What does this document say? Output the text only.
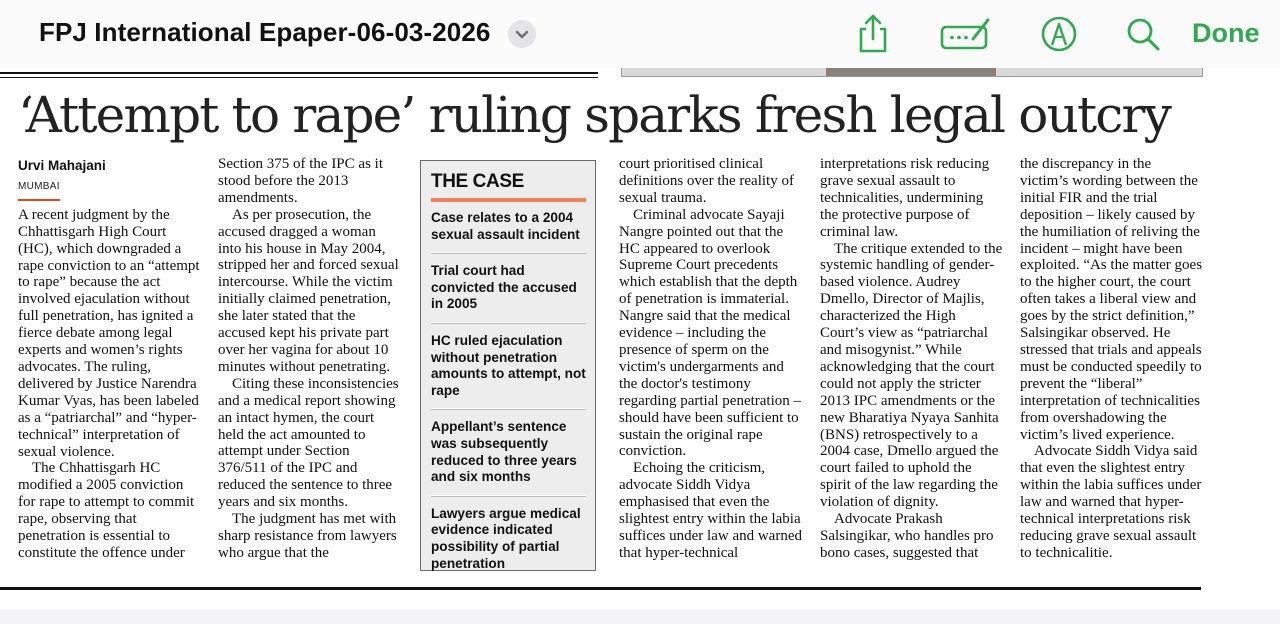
FPJ International Epaper-06-03-2026	Done
‘Attempt to rape’ ruling sparks fresh legal outcry
Urvi Mahajani
MUMBAI

A recent judgment by the Chhattisgarh High Court (HC), which downgraded a rape conviction to an “attempt to rape” because the act involved ejaculation without full penetration, has ignited a fierce debate among legal experts and women’s rights advocates. The ruling, delivered by Justice Narendra Kumar Vyas, has been labeled as a “patriarchal” and “hyper-technical” interpretation of sexual violence.

The Chhattisgarh HC modified a 2005 conviction for rape to attempt to commit rape, observing that penetration is essential to constitute the offence under

Section 375 of the IPC as it stood before the 2013 amendments.

As per prosecution, the accused dragged a woman into his house in May 2004, stripped her and forced sexual intercourse. While the victim initially claimed penetration, she later stated that the accused kept his private part over her vagina for about 10 minutes without penetrating.

Citing these inconsistencies and a medical report showing an intact hymen, the court held the act amounted to attempt under Section 376/511 of the IPC and reduced the sentence to three years and six months.

The judgment has met with sharp resistance from lawyers who argue that the

THE CASE
Case relates to a 2004 sexual assault incident
Trial court had convicted the accused in 2005
HC ruled ejaculation without penetration amounts to attempt, not rape
Appellant’s sentence was subsequently reduced to three years and six months
Lawyers argue medical evidence indicated possibility of partial penetration

court prioritised clinical definitions over the reality of sexual trauma.

Criminal advocate Sayaji Nangre pointed out that the HC appeared to overlook Supreme Court precedents which establish that the depth of penetration is immaterial. Nangre said that the medical evidence – including the presence of sperm on the victim's undergarments and the doctor's testimony regarding partial penetration – should have been sufficient to sustain the original rape conviction.

Echoing the criticism, advocate Siddh Vidya emphasised that even the slightest entry within the labia suffices under law and warned that hyper-technical

interpretations risk reducing grave sexual assault to technicalities, undermining the protective purpose of criminal law.

The critique extended to the systemic handling of gender-based violence. Audrey Dmello, Director of Majlis, characterized the High Court’s view as “patriarchal and misogynist.” While acknowledging that the court could not apply the stricter 2013 IPC amendments or the new Bharatiya Nyaya Sanhita (BNS) retrospectively to a 2004 case, Dmello argued the court failed to uphold the spirit of the law regarding the violation of dignity.

Advocate Prakash Salsingikar, who handles pro bono cases, suggested that

the discrepancy in the victim’s wording between the initial FIR and the trial deposition – likely caused by the humiliation of reliving the incident – might have been exploited. “As the matter goes to the higher court, the court often takes a liberal view and goes by the strict definition,” Salsingikar observed. He stressed that trials and appeals must be conducted speedily to prevent the “liberal” interpretation of technicalities from overshadowing the victim’s lived experience.

Advocate Siddh Vidya said that even the slightest entry within the labia suffices under law and warned that hyper-technical interpretations risk reducing grave sexual assault to technicalitie.
